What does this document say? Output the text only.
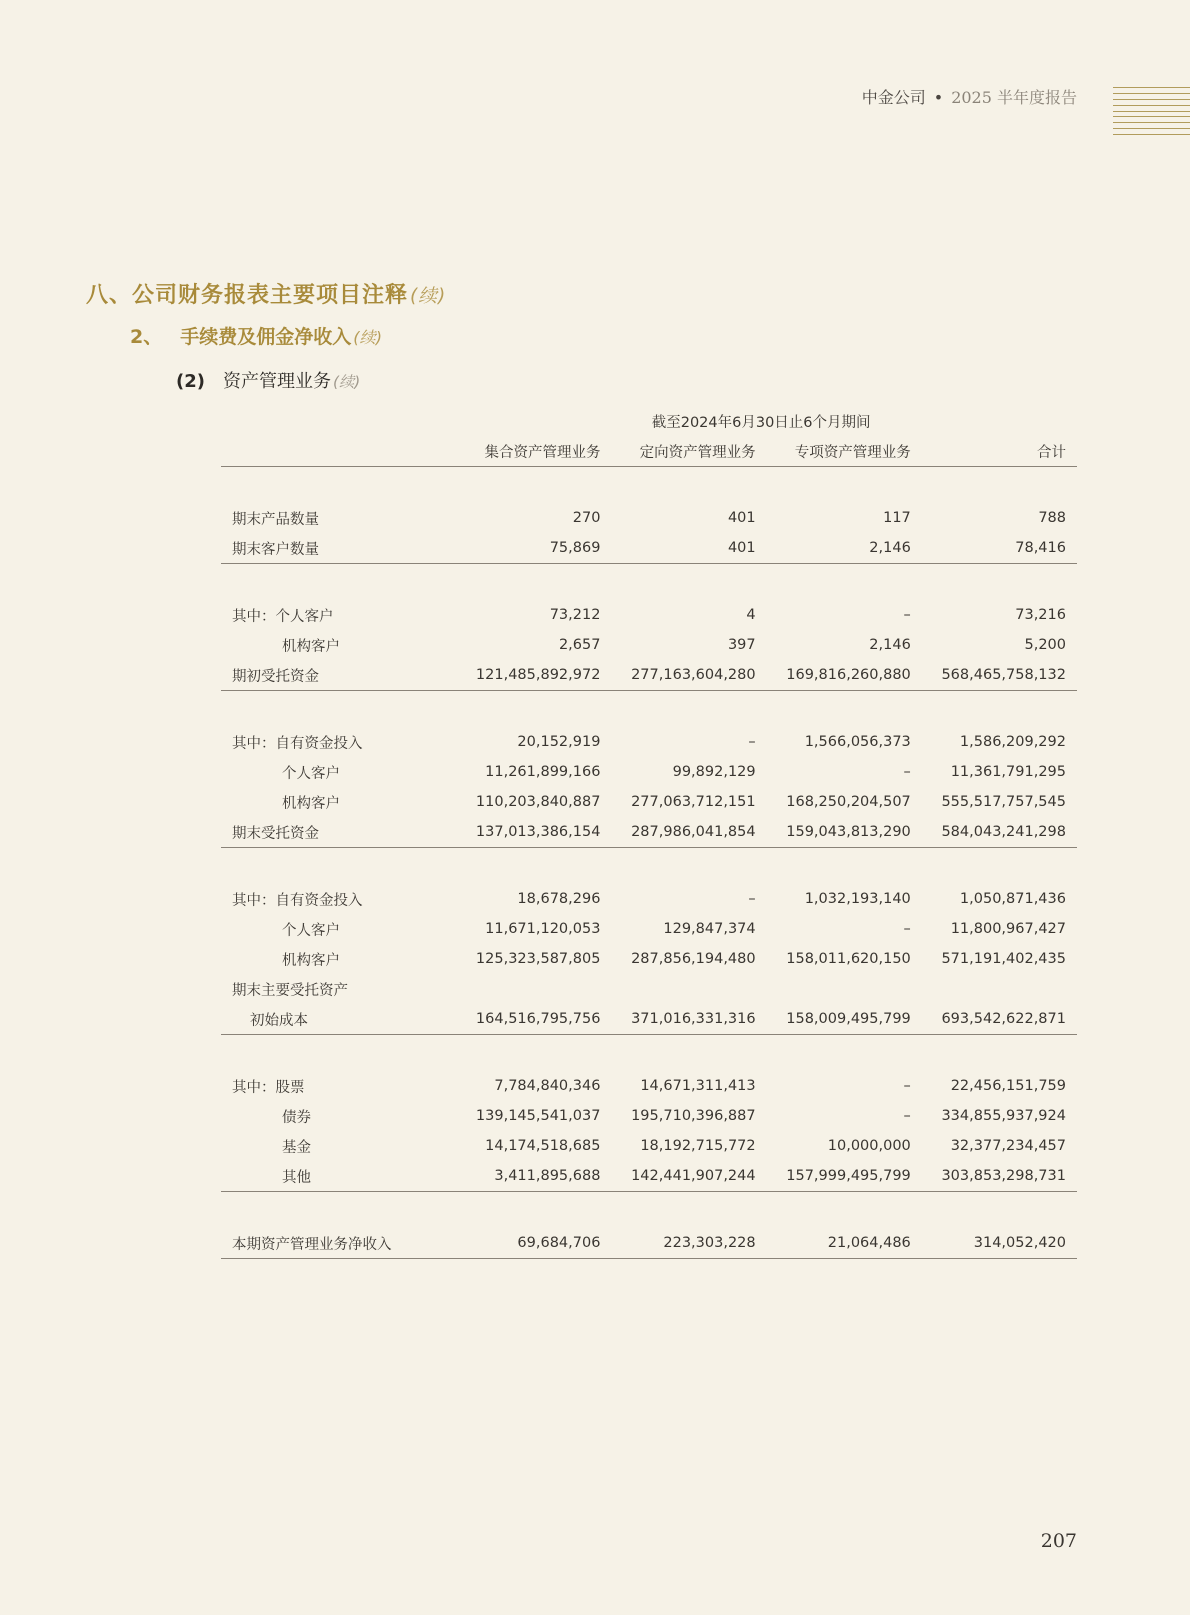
中金公司 • 2025 半年度报告
八、公司财务报表主要项目注释 (续)
2、 手续费及佣金净收入 (续)
(2) 资产管理业务 (续)
	截至2024年6月30日止6个月期间			
	集合资产管理业务	定向资产管理业务	专项资产管理业务	合计

期末产品数量	270	401	117	788
期末客户数量	75,869	401	2,146	78,416

其中：个人客户	73,212	4	–	73,216
机构客户	2,657	397	2,146	5,200
期初受托资金	121,485,892,972	277,163,604,280	169,816,260,880	568,465,758,132

其中：自有资金投入	20,152,919	–	1,566,056,373	1,586,209,292
个人客户	11,261,899,166	99,892,129	–	11,361,791,295
机构客户	110,203,840,887	277,063,712,151	168,250,204,507	555,517,757,545
期末受托资金	137,013,386,154	287,986,041,854	159,043,813,290	584,043,241,298

其中：自有资金投入	18,678,296	–	1,032,193,140	1,050,871,436
个人客户	11,671,120,053	129,847,374	–	11,800,967,427
机构客户	125,323,587,805	287,856,194,480	158,011,620,150	571,191,402,435
期末主要受托资产				
初始成本	164,516,795,756	371,016,331,316	158,009,495,799	693,542,622,871

其中：股票	7,784,840,346	14,671,311,413	–	22,456,151,759
债券	139,145,541,037	195,710,396,887	–	334,855,937,924
基金	14,174,518,685	18,192,715,772	10,000,000	32,377,234,457
其他	3,411,895,688	142,441,907,244	157,999,495,799	303,853,298,731

本期资产管理业务净收入	69,684,706	223,303,228	21,064,486	314,052,420
207
